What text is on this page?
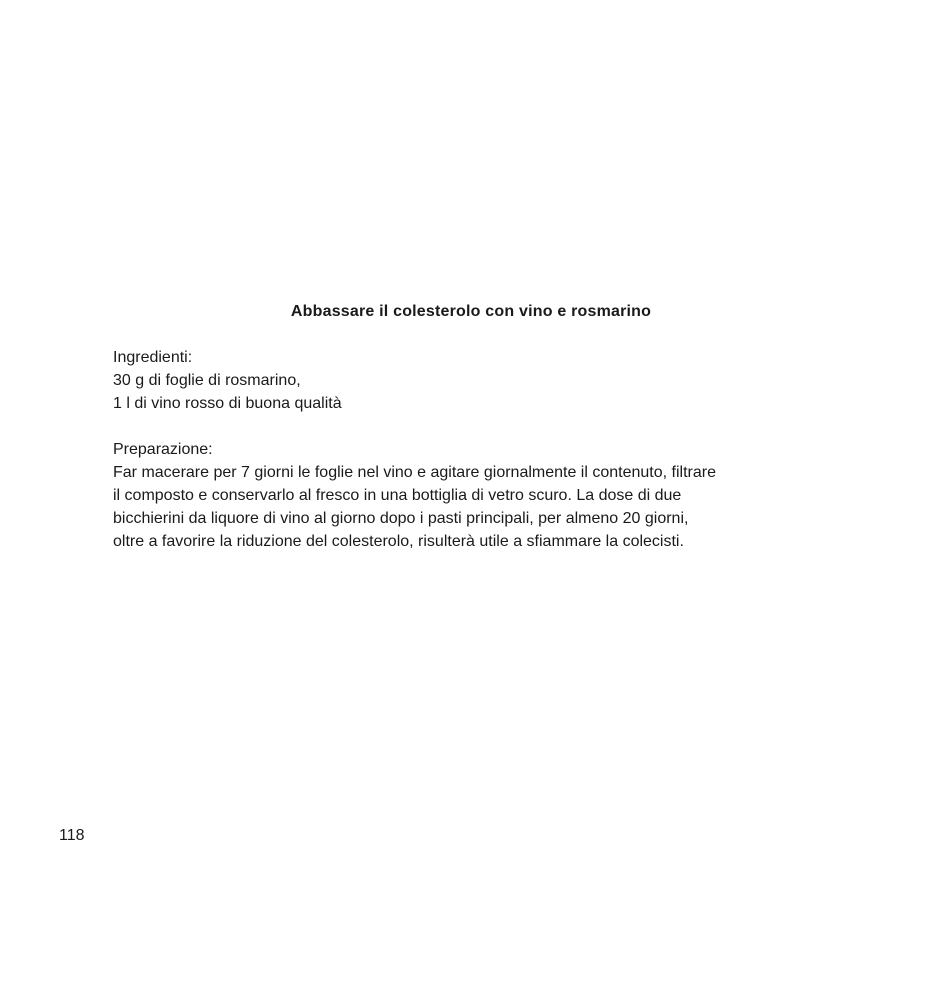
Abbassare il colesterolo con vino e rosmarino
Ingredienti:
30 g di foglie di rosmarino,
1 l di vino rosso di buona qualità
Preparazione:
Far macerare per 7 giorni le foglie nel vino e agitare giornalmente il contenuto, filtrare
il composto e conservarlo al fresco in una bottiglia di vetro scuro. La dose di due
bicchierini da liquore di vino al giorno dopo i pasti principali, per almeno 20 giorni,
oltre a favorire la riduzione del colesterolo, risulterà utile a sfiammare la colecisti.
118
